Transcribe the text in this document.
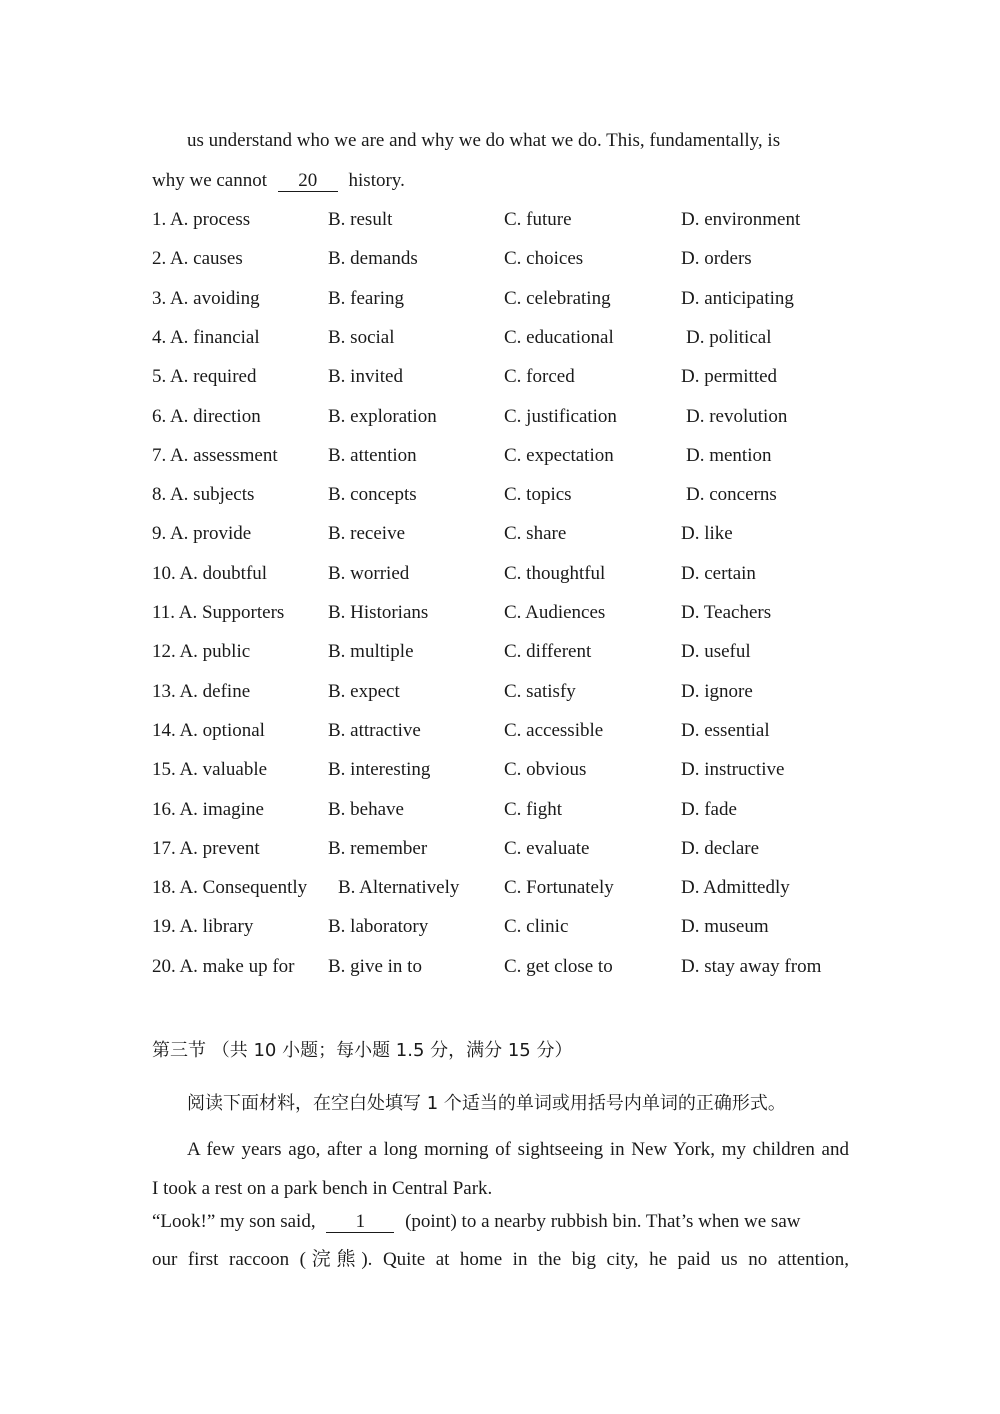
us understand who we are and why we do what we do. This, fundamentally, is
why we cannot 20 history.
1. A. process	B. result	C. future	D. environment
2. A. causes	B. demands	C. choices	D. orders
3. A. avoiding	B. fearing	C. celebrating	D. anticipating
4. A. financial	B. social	C. educational	D. political
5. A. required	B. invited	C. forced	D. permitted
6. A. direction	B. exploration	C. justification	D. revolution
7. A. assessment	B. attention	C. expectation	D. mention
8. A. subjects	B. concepts	C. topics	D. concerns
9. A. provide	B. receive	C. share	D. like
10. A. doubtful	B. worried	C. thoughtful	D. certain
11. A. Supporters B. Historians	C. Audiences	D. Teachers
12. A. public	B. multiple	C. different	D. useful
13. A. define	B. expect	C. satisfy	D. ignore
14. A. optional	B. attractive	C. accessible	D. essential
15. A. valuable	B. interesting	C. obvious	D. instructive
16. A. imagine	B. behave	C. fight	D. fade
17. A. prevent	B. remember	C. evaluate	D. declare
18. A. Consequently B. Alternatively C. Fortunately	D. Admittedly
19. A. library	B. laboratory	C. clinic	D. museum
20. A. make up for B. give in to	C. get close to	D. stay away from
第三节 （共 10 小题；每小题 1.5 分，满分 15 分）
阅读下面材料，在空白处填写 1 个适当的单词或用括号内单词的正确形式。
A few years ago, after a long morning of sightseeing in New York, my children and
I took a rest on a park bench in Central Park.
“Look!” my son said, 1 (point) to a nearby rubbish bin. That’s when we saw
our first raccoon (浣熊). Quite at home in the big city, he paid us no attention,
